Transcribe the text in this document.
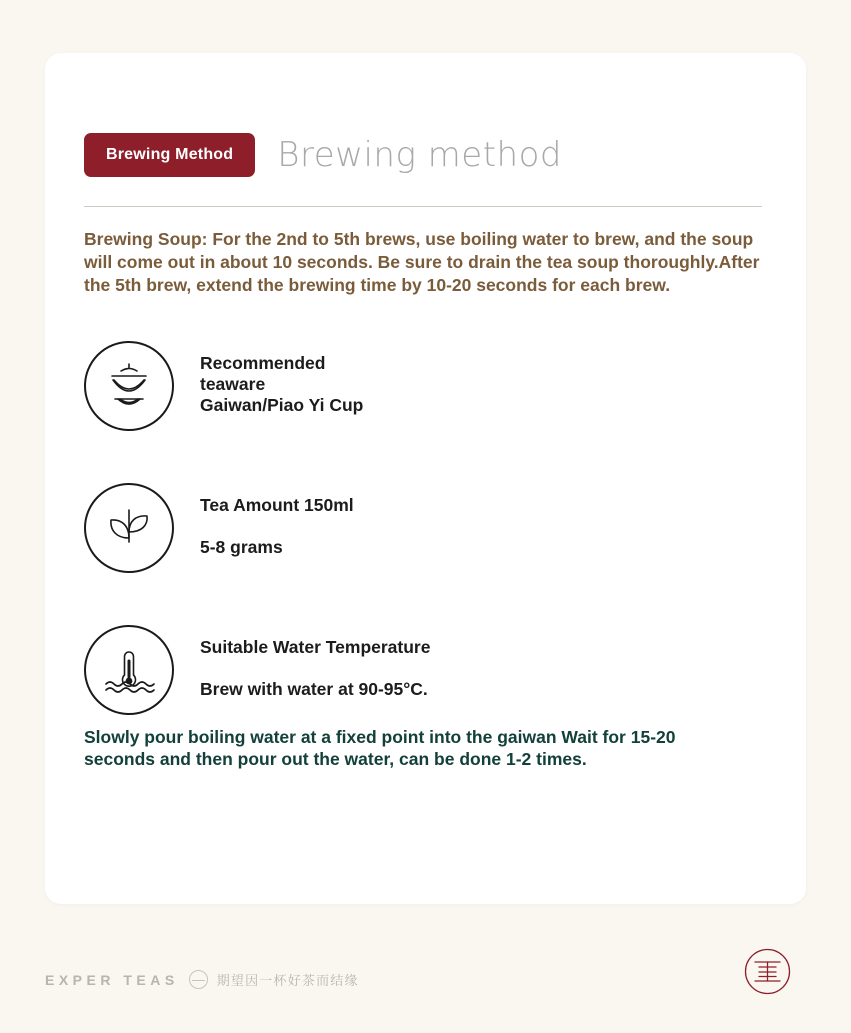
Brewing Method	Brewing method
Brewing Soup: For the 2nd to 5th brews, use boiling water to brew, and the soup will come out in about 10 seconds. Be sure to drain the tea soup thoroughly.After the 5th brew, extend the brewing time by 10-20 seconds for each brew.
Recommended
teaware
Gaiwan/Piao Yi Cup
Tea Amount 150ml
5-8 grams
Suitable Water Temperature
Brew with water at 90-95°C.
Slowly pour boiling water at a fixed point into the gaiwan Wait for 15-20 seconds and then pour out the water, can be done 1-2 times.
EXPER TEAS	期望因一杯好茶而结缘
